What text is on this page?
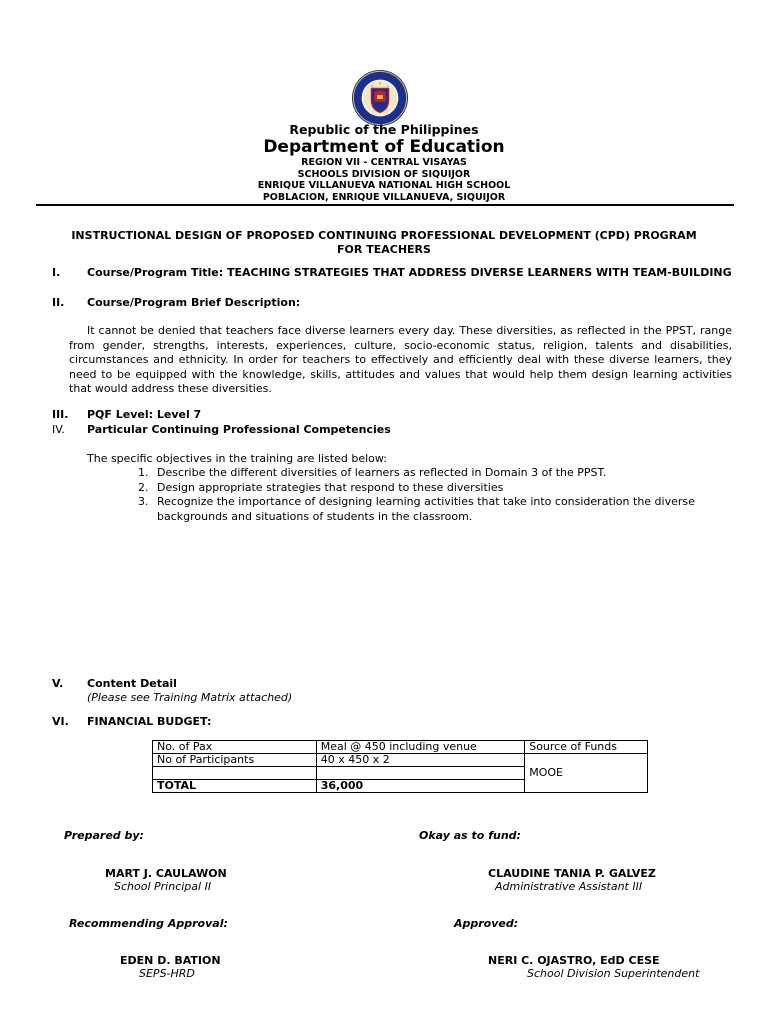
Republic of the Philippines
Department of Education
REGION VII - CENTRAL VISAYAS
SCHOOLS DIVISION OF SIQUIJOR
ENRIQUE VILLANUEVA NATIONAL HIGH SCHOOL
POBLACION, ENRIQUE VILLANUEVA, SIQUIJOR
INSTRUCTIONAL DESIGN OF PROPOSED CONTINUING PROFESSIONAL DEVELOPMENT (CPD) PROGRAM FOR TEACHERS
I. Course/Program Title: TEACHING STRATEGIES THAT ADDRESS DIVERSE LEARNERS WITH TEAM-BUILDING
II. Course/Program Brief Description:
It cannot be denied that teachers face diverse learners every day. These diversities, as reflected in the PPST, range from gender, strengths, interests, experiences, culture, socio-economic status, religion, talents and disabilities, circumstances and ethnicity. In order for teachers to effectively and efficiently deal with these diverse learners, they need to be equipped with the knowledge, skills, attitudes and values that would help them design learning activities that would address these diversities.
III. PQF Level: Level 7
IV. Particular Continuing Professional Competencies
The specific objectives in the training are listed below:
1. Describe the different diversities of learners as reflected in Domain 3 of the PPST.
2. Design appropriate strategies that respond to these diversities
3. Recognize the importance of designing learning activities that take into consideration the diverse backgrounds and situations of students in the classroom.
V. Content Detail
(Please see Training Matrix attached)
VI. FINANCIAL BUDGET:
No. of Pax	Meal @ 450 including venue	Source of Funds
No of Participants	40 x 450 x 2	MOOE

TOTAL	36,000	
Prepared by:	Okay as to fund:
MART J. CAULAWON
School Principal II
CLAUDINE TANIA P. GALVEZ
Administrative Assistant III
Recommending Approval:	Approved:
EDEN D. BATION
SEPS-HRD
NERI C. OJASTRO, EdD CESE
School Division Superintendent
